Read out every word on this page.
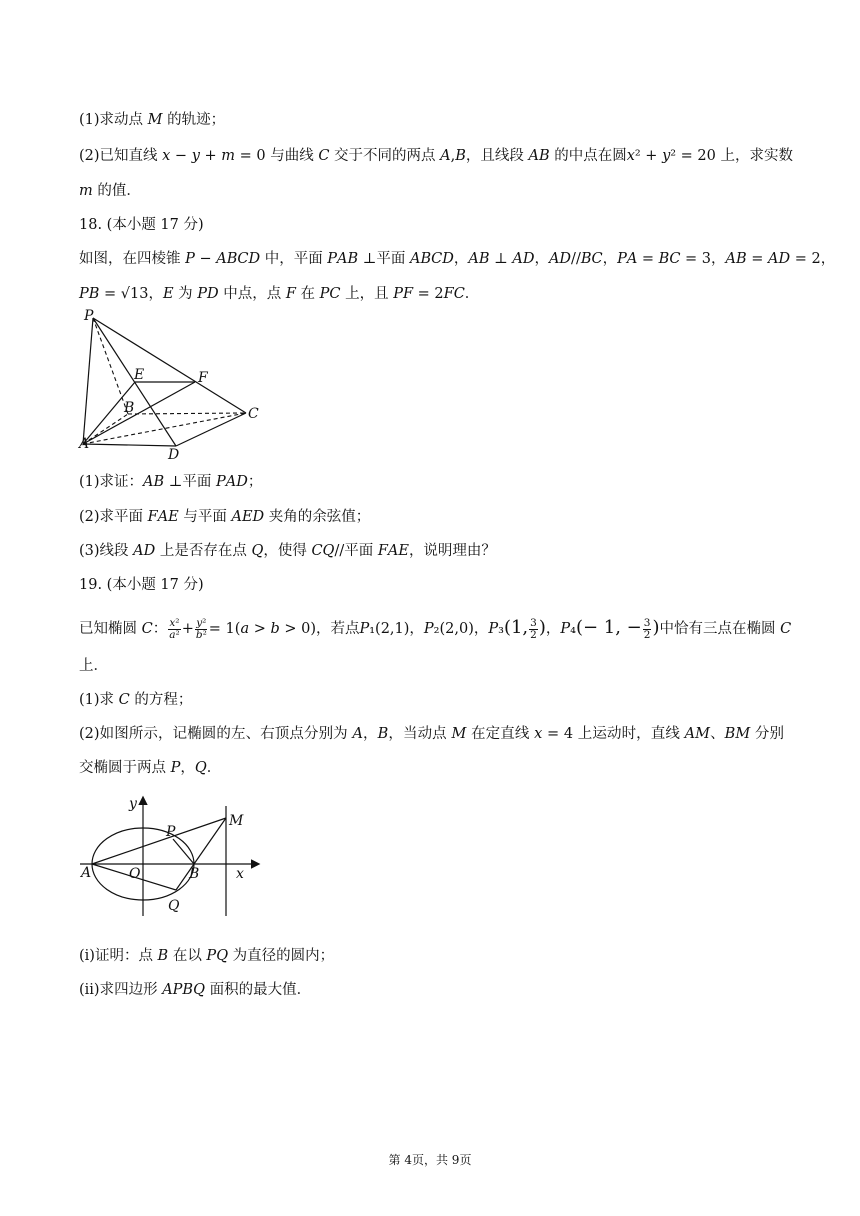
(1)求动点 𝑀 的轨迹；
(2)已知直线 𝑥 − 𝑦 + 𝑚 = 0 与曲线 𝐶 交于不同的两点 𝐴,𝐵，且线段 𝐴𝐵 的中点在圆𝑥² + 𝑦² = 20 上，求实数
𝑚 的值．
18. (本小题 17 分)
如图，在四棱锥 𝑃 − 𝐴𝐵𝐶𝐷 中，平面 𝑃𝐴𝐵 ⊥平面 𝐴𝐵𝐶𝐷，𝐴𝐵 ⊥ 𝐴𝐷，𝐴𝐷//𝐵𝐶，𝑃𝐴 = 𝐵𝐶 = 3，𝐴𝐵 = 𝐴𝐷 = 2，
𝑃𝐵 = √13，𝐸 为 𝑃𝐷 中点，点 𝐹 在 𝑃𝐶 上，且 𝑃𝐹 = 2𝐹𝐶．
P
E	F
B	C
A
D
(1)求证：𝐴𝐵 ⊥平面 𝑃𝐴𝐷；
(2)求平面 𝐹𝐴𝐸 与平面 𝐴𝐸𝐷 夹角的余弦值；
(3)线段 𝐴𝐷 上是否存在点 𝑄，使得 𝐶𝑄//平面 𝐹𝐴𝐸，说明理由？
19. (本小题 17 分)
已知椭圆 𝐶： $\frac{\text{𝑥²}}{\text{𝑎²}} + \frac{\text{𝑦²}}{\text{𝑏²}}$ = 1(𝑎 > 𝑏 > 0)，若点𝑃₁(2,1)，𝑃₂(2,0)，𝑃₃(1, $\frac{3}{2}$ )，𝑃₄(− 1, − $\frac{3}{2}$ )中恰有三点在椭圆 𝐶
上．
(1)求 𝐶 的方程；
(2)如图所示，记椭圆的左、右顶点分别为 𝐴，𝐵，当动点 𝑀 在定直线 𝑥 = 4 上运动时，直线 𝐴𝑀、𝐵𝑀 分别
交椭圆于两点 𝑃，𝑄．
y
x
M
P
A	O	B
Q
(ⅰ)证明：点 𝐵 在以 𝑃𝑄 为直径的圆内；
(ⅱ)求四边形 𝐴𝑃𝐵𝑄 面积的最大值．
第 4页，共 9页
